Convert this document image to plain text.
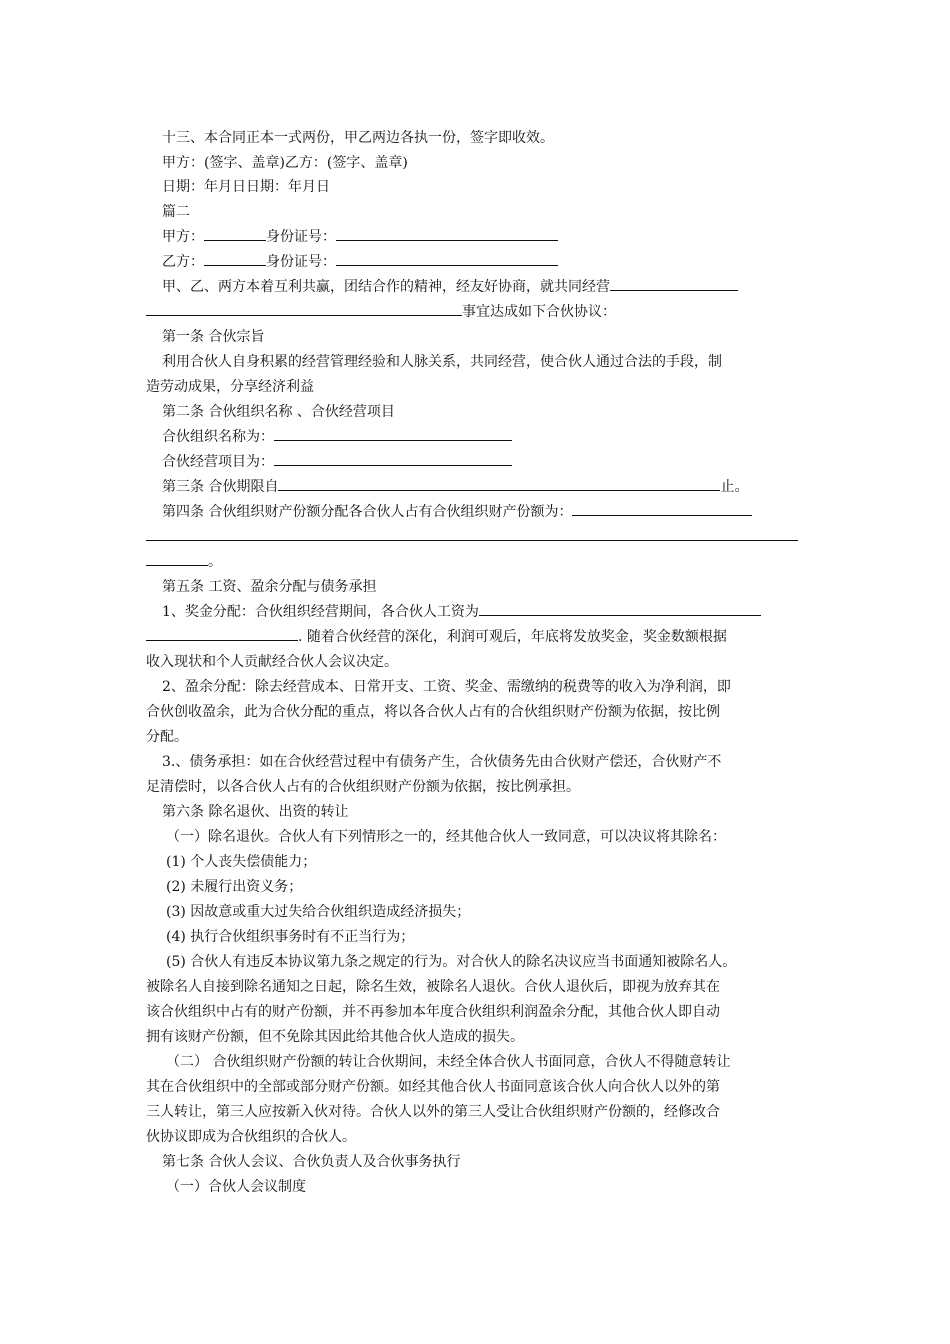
十三、本合同正本一式两份，甲乙两边各执一份，签字即收效。
甲方：(签字、盖章)乙方：(签字、盖章)
日期：年月日日期：年月日
篇二
甲方：	身份证号：
乙方：	身份证号：
甲、乙、两方本着互利共赢，团结合作的精神，经友好协商，就共同经营
事宜达成如下合伙协议：
第一条 合伙宗旨
利用合伙人自身积累的经营管理经验和人脉关系，共同经营，使合伙人通过合法的手段，制
造劳动成果，分享经济利益
第二条 合伙组织名称 、合伙经营项目
合伙组织名称为：
合伙经营项目为：
第三条 合伙期限自	止。
第四条 合伙组织财产份额分配各合伙人占有合伙组织财产份额为：
。
第五条 工资、盈余分配与债务承担
1、奖金分配：合伙组织经营期间，各合伙人工资为
. 随着合伙经营的深化，利润可观后，年底将发放奖金，奖金数额根据
收入现状和个人贡献经合伙人会议决定。
2、盈余分配：除去经营成本、日常开支、工资、奖金、需缴纳的税费等的收入为净利润，即
合伙创收盈余，此为合伙分配的重点，将以各合伙人占有的合伙组织财产份额为依据，按比例
分配。
3.、债务承担：如在合伙经营过程中有债务产生，合伙债务先由合伙财产偿还，合伙财产不
足清偿时，以各合伙人占有的合伙组织财产份额为依据，按比例承担。
第六条 除名退伙、出资的转让
（一）除名退伙。合伙人有下列情形之一的，经其他合伙人一致同意，可以决议将其除名：
(1) 个人丧失偿债能力；
(2) 未履行出资义务；
(3) 因故意或重大过失给合伙组织造成经济损失；
(4) 执行合伙组织事务时有不正当行为；
(5) 合伙人有违反本协议第九条之规定的行为。对合伙人的除名决议应当书面通知被除名人。
被除名人自接到除名通知之日起，除名生效，被除名人退伙。合伙人退伙后，即视为放弃其在
该合伙组织中占有的财产份额，并不再参加本年度合伙组织利润盈余分配，其他合伙人即自动
拥有该财产份额，但不免除其因此给其他合伙人造成的损失。
（二） 合伙组织财产份额的转让合伙期间，未经全体合伙人书面同意，合伙人不得随意转让
其在合伙组织中的全部或部分财产份额。如经其他合伙人书面同意该合伙人向合伙人以外的第
三人转让，第三人应按新入伙对待。合伙人以外的第三人受让合伙组织财产份额的，经修改合
伙协议即成为合伙组织的合伙人。
第七条 合伙人会议、合伙负责人及合伙事务执行
（一）合伙人会议制度
